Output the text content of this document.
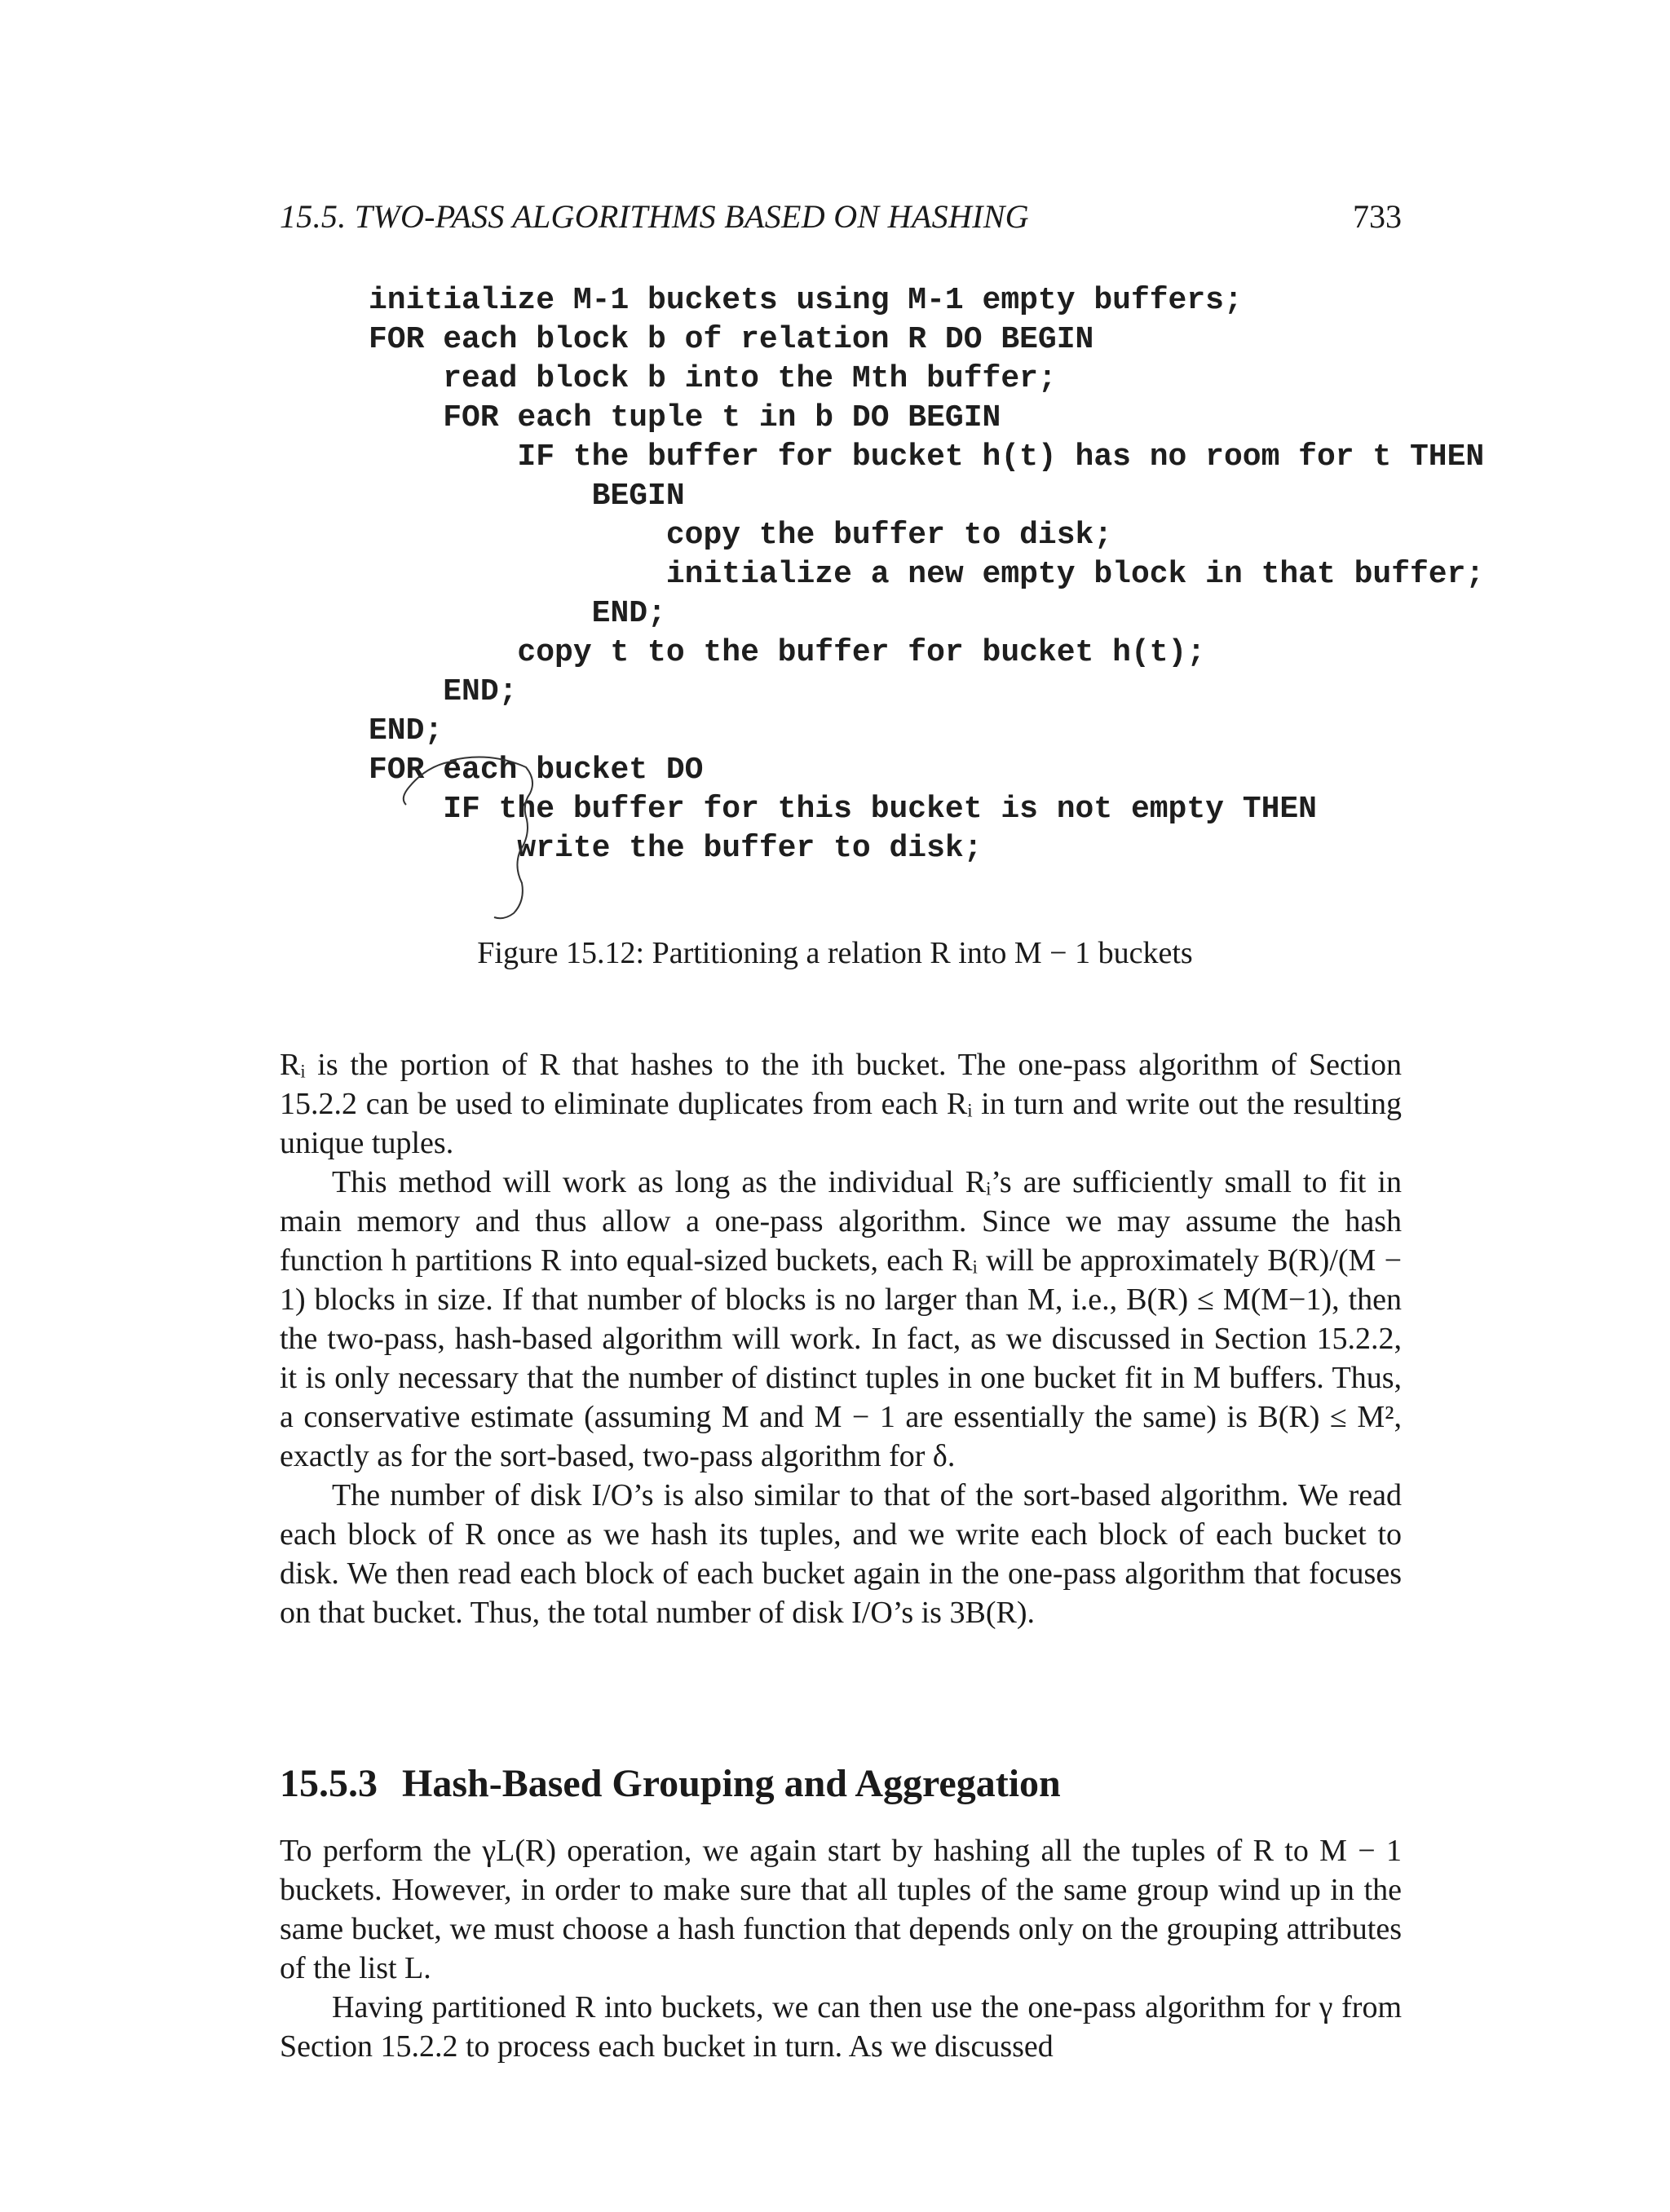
15.5. TWO-PASS ALGORITHMS BASED ON HASHING	733
initialize M-1 buckets using M-1 empty buffers;
FOR each block b of relation R DO BEGIN
read block b into the Mth buffer;
FOR each tuple t in b DO BEGIN
IF the buffer for bucket h(t) has no room for t THEN
BEGIN
copy the buffer to disk;
initialize a new empty block in that buffer;
END;
copy t to the buffer for bucket h(t);
END;
END;
FOR each bucket DO
IF the buffer for this bucket is not empty THEN
write the buffer to disk;
Figure 15.12: Partitioning a relation R into M − 1 buckets

Rᵢ is the portion of R that hashes to the ith bucket. The one-pass algorithm of Section 15.2.2 can be used to eliminate duplicates from each Rᵢ in turn and write out the resulting unique tuples.

This method will work as long as the individual Rᵢ’s are sufficiently small to fit in main memory and thus allow a one-pass algorithm. Since we may assume the hash function h partitions R into equal-sized buckets, each Rᵢ will be approximately B(R)/(M − 1) blocks in size. If that number of blocks is no larger than M, i.e., B(R) ≤ M(M−1), then the two-pass, hash-based algorithm will work. In fact, as we discussed in Section 15.2.2, it is only necessary that the number of distinct tuples in one bucket fit in M buffers. Thus, a conservative estimate (assuming M and M − 1 are essentially the same) is B(R) ≤ M², exactly as for the sort-based, two-pass algorithm for δ.

The number of disk I/O’s is also similar to that of the sort-based algorithm. We read each block of R once as we hash its tuples, and we write each block of each bucket to disk. We then read each block of each bucket again in the one-pass algorithm that focuses on that bucket. Thus, the total number of disk I/O’s is 3B(R).

15.5.3 Hash-Based Grouping and Aggregation

To perform the γL(R) operation, we again start by hashing all the tuples of R to M − 1 buckets. However, in order to make sure that all tuples of the same group wind up in the same bucket, we must choose a hash function that depends only on the grouping attributes of the list L.

Having partitioned R into buckets, we can then use the one-pass algorithm for γ from Section 15.2.2 to process each bucket in turn. As we discussed
